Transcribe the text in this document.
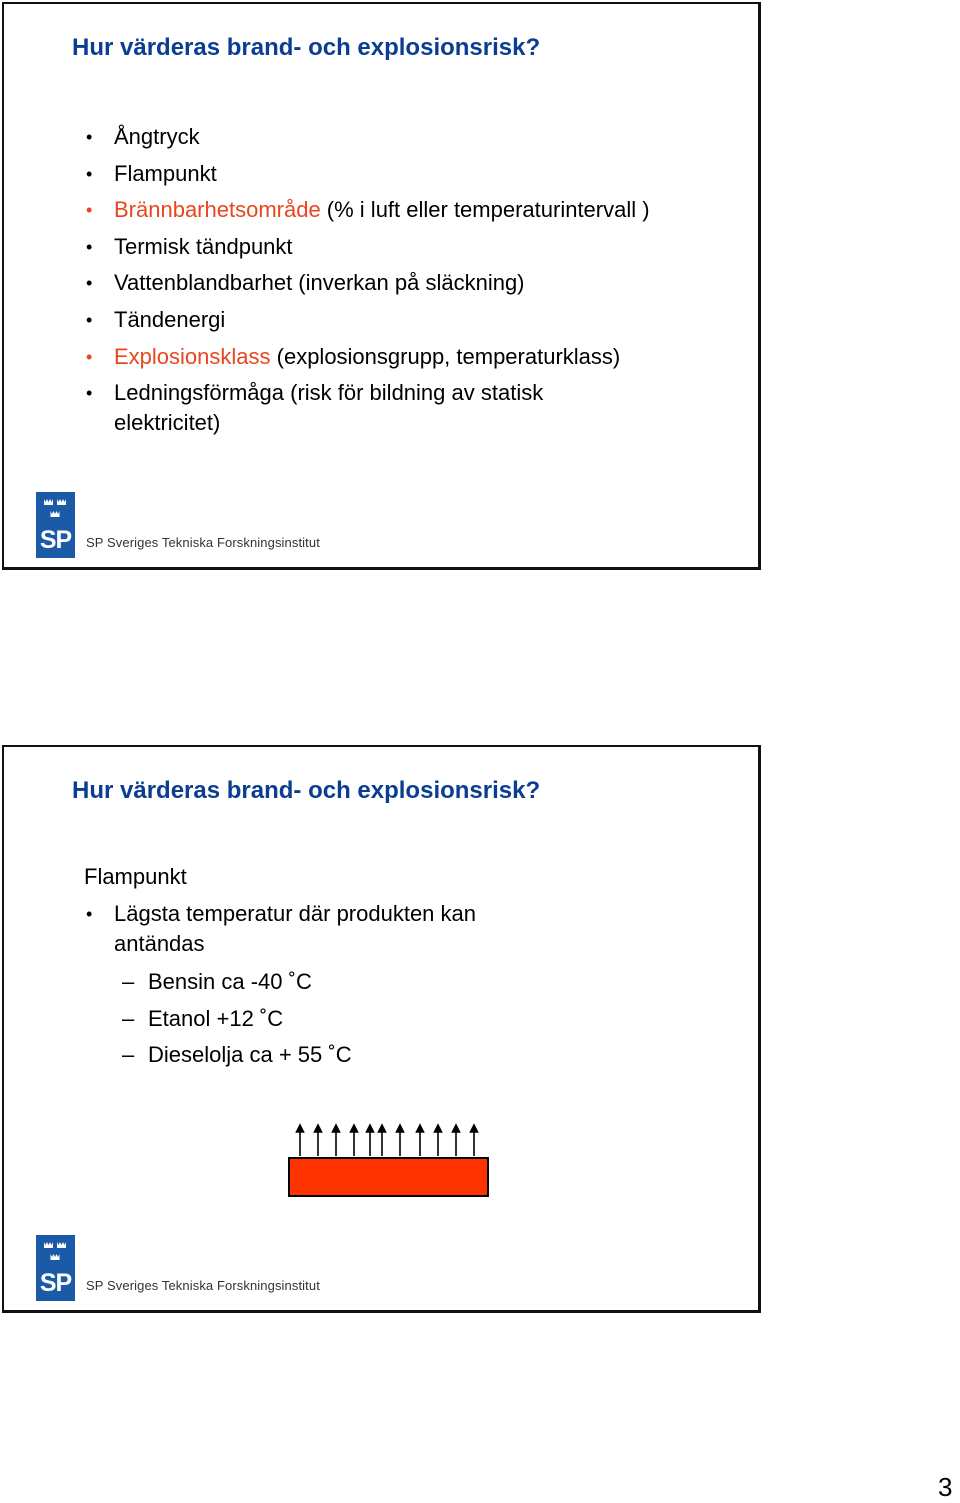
Hur värderas brand- och explosionsrisk?
• Ångtryck
• Flampunkt
• Brännbarhetsområde (% i luft eller temperaturintervall )
• Termisk tändpunkt
• Vattenblandbarhet (inverkan på släckning)
• Tändenergi
• Explosionsklass (explosionsgrupp, temperaturklass)
• Ledningsförmåga (risk för bildning av statisk elektricitet)
SP SP Sveriges Tekniska Forskningsinstitut
Hur värderas brand- och explosionsrisk?

Flampunkt

• Lägsta temperatur där produkten kan antändas
– Bensin ca -40 ˚C
– Etanol +12 ˚C
– Dieselolja ca + 55 ˚C
SP SP Sveriges Tekniska Forskningsinstitut
3
